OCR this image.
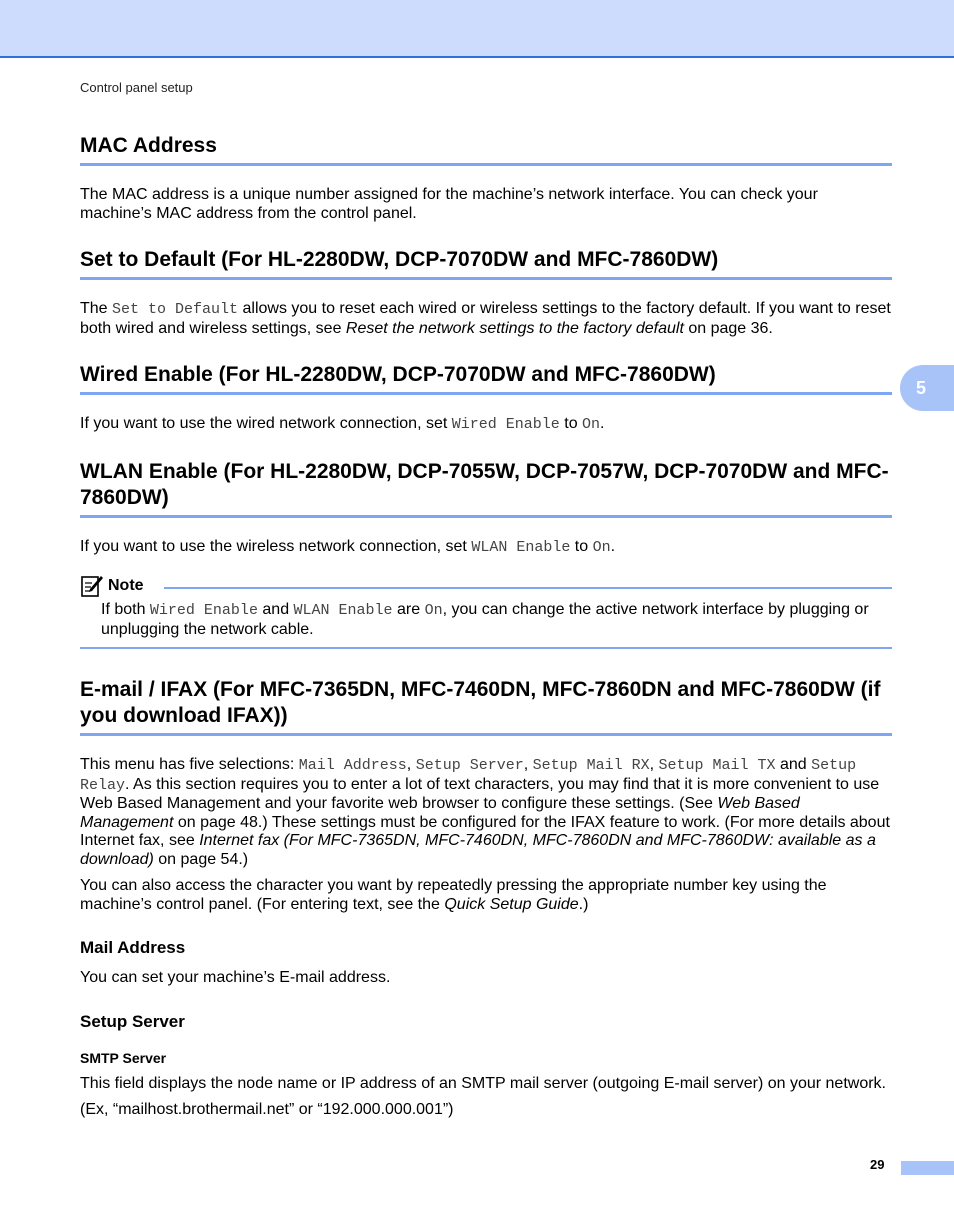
Control panel setup
5
MAC Address

The MAC address is a unique number assigned for the machine’s network interface. You can check your machine’s MAC address from the control panel.

Set to Default (For HL-2280DW, DCP-7070DW and MFC-7860DW)

The Set to Default allows you to reset each wired or wireless settings to the factory default. If you want to reset both wired and wireless settings, see Reset the network settings to the factory default on page 36.

Wired Enable (For HL-2280DW, DCP-7070DW and MFC-7860DW)

If you want to use the wired network connection, set Wired Enable to On.

WLAN Enable (For HL-2280DW, DCP-7055W, DCP-7057W, DCP-7070DW and MFC-7860DW)

If you want to use the wireless network connection, set WLAN Enable to On.

Note

If both Wired Enable and WLAN Enable are On, you can change the active network interface by plugging or unplugging the network cable.

E-mail / IFAX (For MFC-7365DN, MFC-7460DN, MFC-7860DN and MFC-7860DW (if you download IFAX))

This menu has five selections: Mail Address, Setup Server, Setup Mail RX, Setup Mail TX and Setup Relay. As this section requires you to enter a lot of text characters, you may find that it is more convenient to use Web Based Management and your favorite web browser to configure these settings. (See Web Based Management on page 48.) These settings must be configured for the IFAX feature to work. (For more details about Internet fax, see Internet fax (For MFC-7365DN, MFC-7460DN, MFC-7860DN and MFC-7860DW: available as a download) on page 54.)

You can also access the character you want by repeatedly pressing the appropriate number key using the machine’s control panel. (For entering text, see the Quick Setup Guide.)

Mail Address

You can set your machine’s E-mail address.

Setup Server
SMTP Server

This field displays the node name or IP address of an SMTP mail server (outgoing E-mail server) on your network.

(Ex, “mailhost.brothermail.net” or “192.000.000.001”)

29
